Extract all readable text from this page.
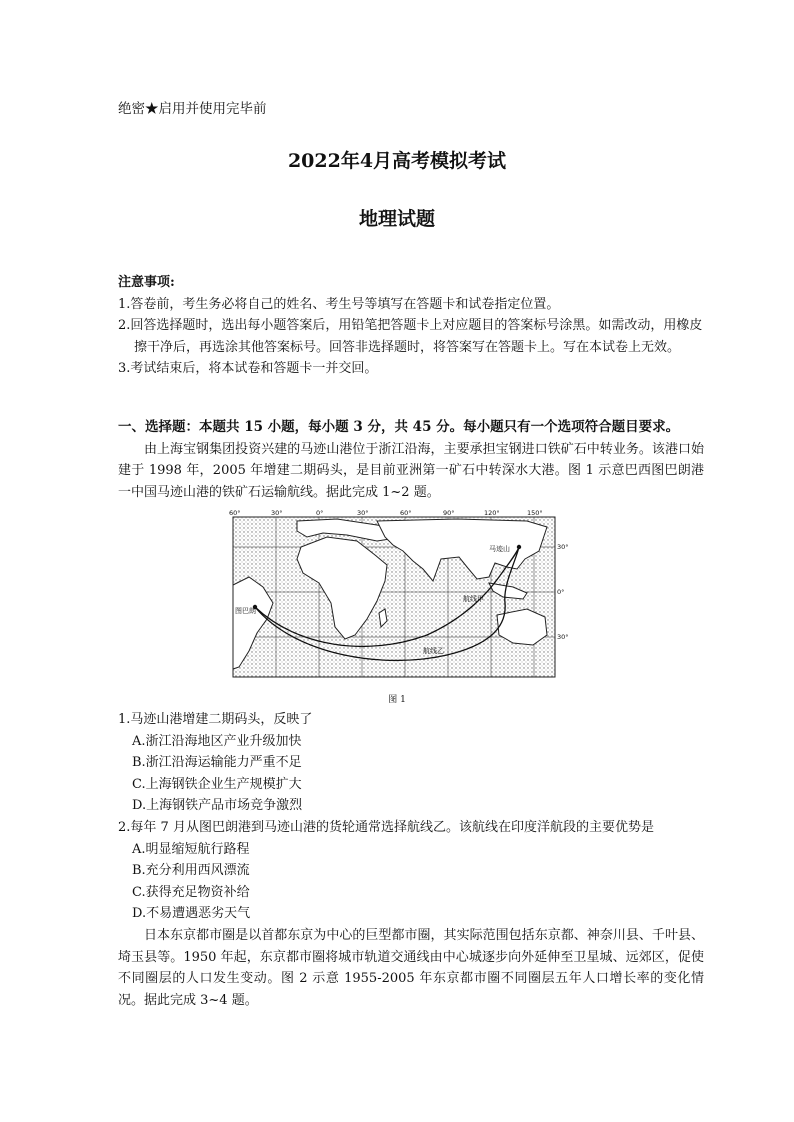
绝密★启用并使用完毕前
2022年4月高考模拟考试
地理试题
注意事项:
1.答卷前，考生务必将自己的姓名、考生号等填写在答题卡和试卷指定位置。
2.回答选择题时，选出每小题答案后，用铅笔把答题卡上对应题目的答案标号涂黑。如需改动，用橡皮擦干净后，再选涂其他答案标号。回答非选择题时，将答案写在答题卡上。写在本试卷上无效。
3.考试结束后，将本试卷和答题卡一并交回。
一、选择题：本题共 15 小题，每小题 3 分，共 45 分。每小题只有一个选项符合题目要求。
由上海宝钢集团投资兴建的马迹山港位于浙江沿海，主要承担宝钢进口铁矿石中转业务。该港口始建于 1998 年，2005 年增建二期码头，是目前亚洲第一矿石中转深水大港。图 1 示意巴西图巴朗港一中国马迹山港的铁矿石运输航线。据此完成 1~2 题。
60°	30°	0°	30°	60°	90°	120°	150°
30°
0°
30°
马迹山
图巴朗
航线甲
航线乙
图 1
1.马迹山港增建二期码头，反映了
A.浙江沿海地区产业升级加快
B.浙江沿海运输能力严重不足
C.上海钢铁企业生产规模扩大
D.上海钢铁产品市场竞争激烈
2.每年 7 月从图巴朗港到马迹山港的货轮通常选择航线乙。该航线在印度洋航段的主要优势是
A.明显缩短航行路程
B.充分利用西风漂流
C.获得充足物资补给
D.不易遭遇恶劣天气
日本东京都市圈是以首都东京为中心的巨型都市圈，其实际范围包括东京都、神奈川县、千叶县、埼玉县等。1950 年起，东京都市圈将城市轨道交通线由中心城逐步向外延伸至卫星城、远郊区，促使不同圈层的人口发生变动。图 2 示意 1955-2005 年东京都市圈不同圈层五年人口增长率的变化情况。据此完成 3~4 题。
